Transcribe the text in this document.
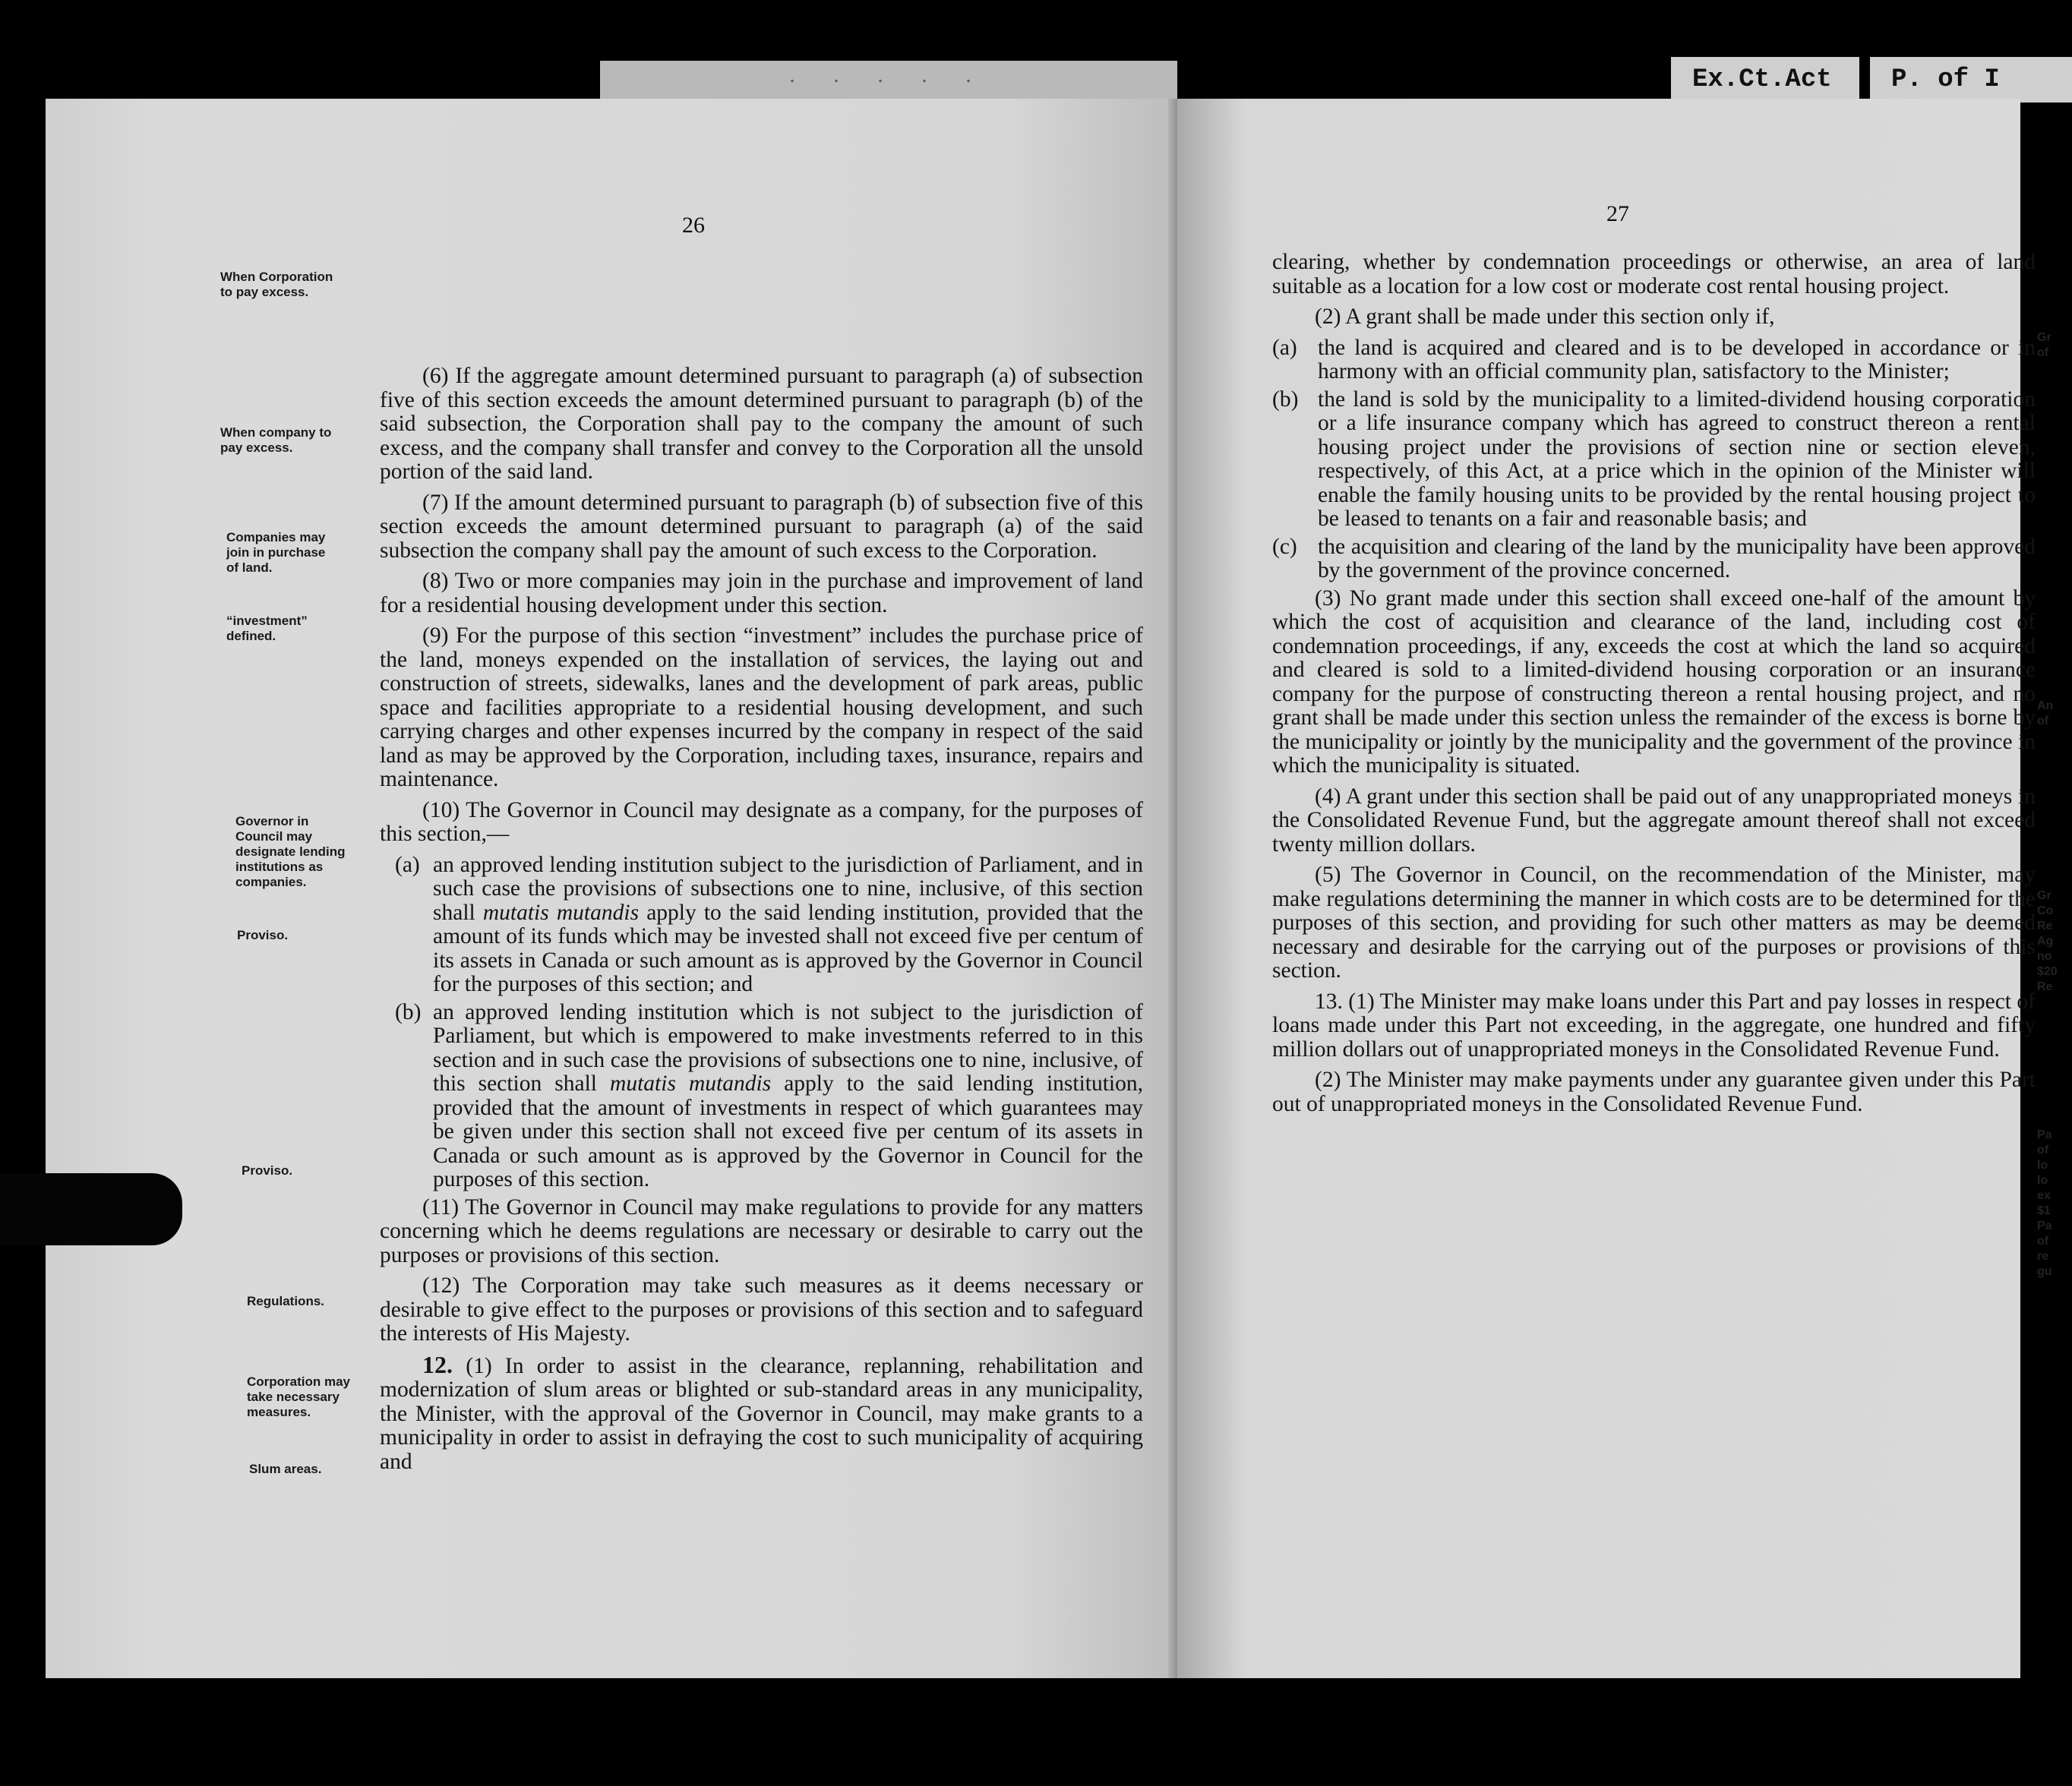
. . . . .	Ex.Ct.Act	P. of I
26
When Corporation to pay excess.
When company to pay excess.
Companies may join in purchase of land.
“investment” defined.
Governor in Council may designate lending institutions as companies.
Proviso.
Proviso.
Regulations.
Corporation may take necessary measures.
Slum areas.

(6) If the aggregate amount determined pursuant to paragraph (a) of subsection five of this section exceeds the amount determined pursuant to paragraph (b) of the said subsection, the Corporation shall pay to the company the amount of such excess, and the company shall transfer and convey to the Corporation all the unsold portion of the said land.

(7) If the amount determined pursuant to paragraph (b) of subsection five of this section exceeds the amount determined pursuant to paragraph (a) of the said subsection the company shall pay the amount of such excess to the Corporation.

(8) Two or more companies may join in the purchase and improvement of land for a residential housing development under this section.

(9) For the purpose of this section “investment” includes the purchase price of the land, moneys expended on the installation of services, the laying out and construction of streets, sidewalks, lanes and the development of park areas, public space and facilities appropriate to a residential housing development, and such carrying charges and other expenses incurred by the company in respect of the said land as may be approved by the Corporation, including taxes, insurance, repairs and maintenance.

(10) The Governor in Council may designate as a company, for the purposes of this section,—

(a) an approved lending institution subject to the jurisdiction of Parliament, and in such case the provisions of subsections one to nine, inclusive, of this section shall mutatis mutandis apply to the said lending institution, provided that the amount of its funds which may be invested shall not exceed five per centum of its assets in Canada or such amount as is approved by the Governor in Council for the purposes of this section; and
(b) an approved lending institution which is not subject to the jurisdiction of Parliament, but which is empowered to make investments referred to in this section and in such case the provisions of subsections one to nine, inclusive, of this section shall mutatis mutandis apply to the said lending institution, provided that the amount of investments in respect of which guarantees may be given under this section shall not exceed five per centum of its assets in Canada or such amount as is approved by the Governor in Council for the purposes of this section.

(11) The Governor in Council may make regulations to provide for any matters concerning which he deems regulations are necessary or desirable to carry out the purposes or provisions of this section.

(12) The Corporation may take such measures as it deems necessary or desirable to give effect to the purposes or provisions of this section and to safeguard the interests of His Majesty.

12. (1) In order to assist in the clearance, replanning, rehabilitation and modernization of slum areas or blighted or sub-standard areas in any municipality, the Minister, with the approval of the Governor in Council, may make grants to a municipality in order to assist in defraying the cost to such municipality of acquiring and

27

clearing, whether by condemnation proceedings or otherwise, an area of land suitable as a location for a low cost or moderate cost rental housing project.

(2) A grant shall be made under this section only if,

(a) the land is acquired and cleared and is to be developed in accordance or in harmony with an official community plan, satisfactory to the Minister;
(b) the land is sold by the municipality to a limited-dividend housing corporation or a life insurance company which has agreed to construct thereon a rental housing project under the provisions of section nine or section eleven, respectively, of this Act, at a price which in the opinion of the Minister will enable the family housing units to be provided by the rental housing project to be leased to tenants on a fair and reasonable basis; and
(c) the acquisition and clearing of the land by the municipality have been approved by the government of the province concerned.

(3) No grant made under this section shall exceed one-half of the amount by which the cost of acquisition and clearance of the land, including cost of condemnation proceedings, if any, exceeds the cost at which the land so acquired and cleared is sold to a limited-dividend housing corporation or an insurance company for the purpose of constructing thereon a rental housing project, and no grant shall be made under this section unless the remainder of the excess is borne by the municipality or jointly by the municipality and the government of the province in which the municipality is situated.

(4) A grant under this section shall be paid out of any unappropriated moneys in the Consolidated Revenue Fund, but the aggregate amount thereof shall not exceed twenty million dollars.

(5) The Governor in Council, on the recommendation of the Minister, may make regulations determining the manner in which costs are to be determined for the purposes of this section, and providing for such other matters as may be deemed necessary and desirable for the carrying out of the purposes or provisions of this section.

13. (1) The Minister may make loans under this Part and pay losses in respect of loans made under this Part not exceeding, in the aggregate, one hundred and fifty million dollars out of unappropriated moneys in the Consolidated Revenue Fund.

(2) The Minister may make payments under any guarantee given under this Part out of unappropriated moneys in the Consolidated Revenue Fund.

Gr
of
An
of
Gr
Co
Re
Ag
no
$20
Re
Pa
of
lo
lo
ex
$1
Pa
of
re
gu
